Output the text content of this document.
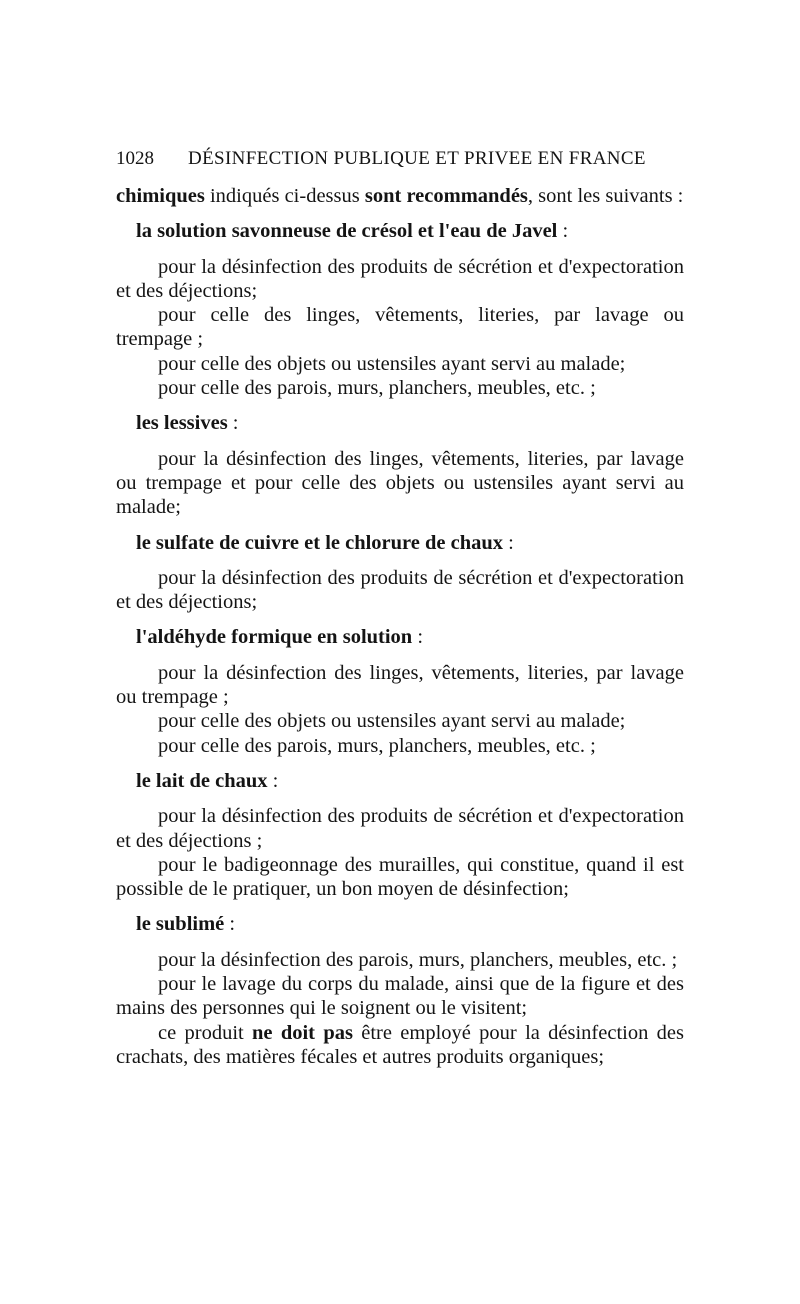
1028 DÉSINFECTION PUBLIQUE ET PRIVEE EN FRANCE

chimiques indiqués ci-dessus sont recommandés, sont les suivants :

la solution savonneuse de crésol et l'eau de Javel :

pour la désinfection des produits de sécrétion et d'expectoration et des déjections;

pour celle des linges, vêtements, literies, par lavage ou trempage ;

pour celle des objets ou ustensiles ayant servi au malade;

pour celle des parois, murs, planchers, meubles, etc. ;

les lessives :

pour la désinfection des linges, vêtements, literies, par lavage ou trempage et pour celle des objets ou ustensiles ayant servi au malade;

le sulfate de cuivre et le chlorure de chaux :

pour la désinfection des produits de sécrétion et d'expectoration et des déjections;

l'aldéhyde formique en solution :

pour la désinfection des linges, vêtements, literies, par lavage ou trempage ;

pour celle des objets ou ustensiles ayant servi au malade;

pour celle des parois, murs, planchers, meubles, etc. ;

le lait de chaux :

pour la désinfection des produits de sécrétion et d'expectoration et des déjections ;

pour le badigeonnage des murailles, qui constitue, quand il est possible de le pratiquer, un bon moyen de désinfection;

le sublimé :

pour la désinfection des parois, murs, planchers, meubles, etc. ;

pour le lavage du corps du malade, ainsi que de la figure et des mains des personnes qui le soignent ou le visitent;

ce produit ne doit pas être employé pour la désinfection des crachats, des matières fécales et autres produits organiques;
